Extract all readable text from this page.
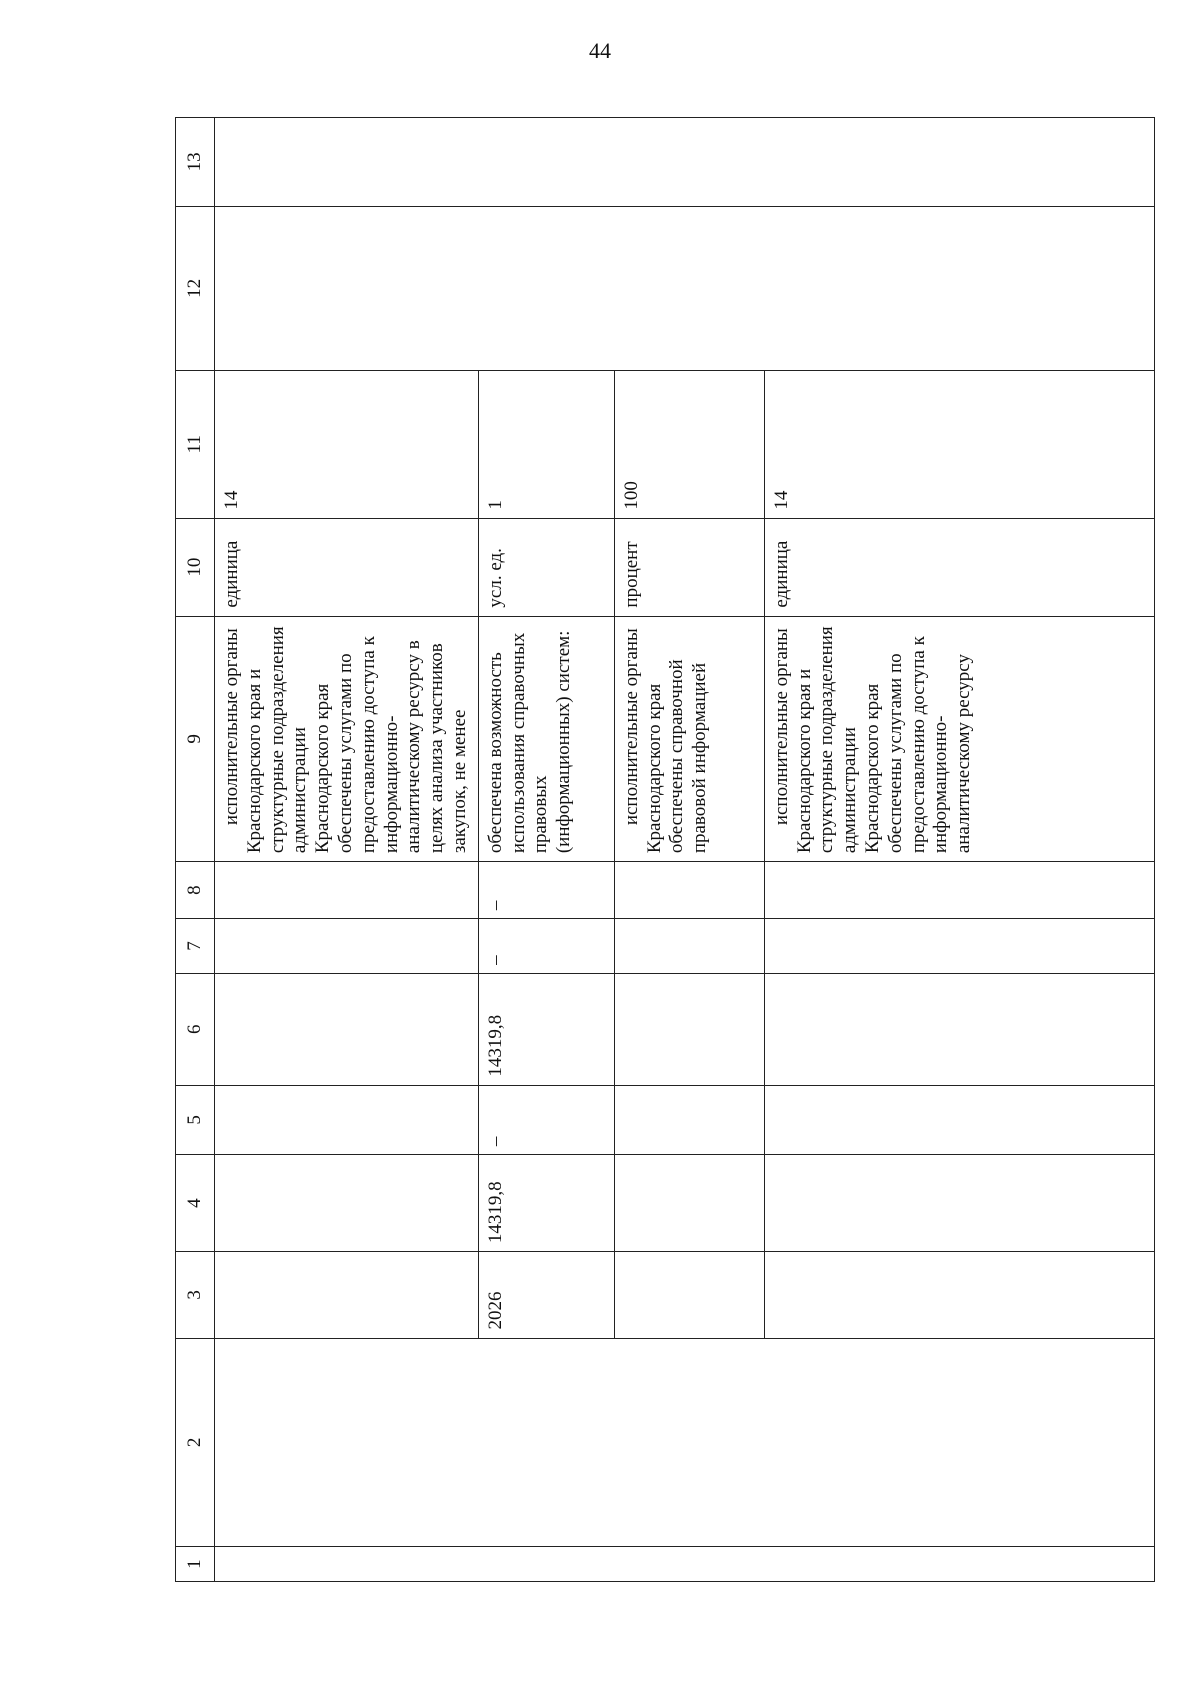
44
1	2	3	4	5	6	7	8	9	10	11	12	13
								исполнительные органы Краснодарского края и структурные подразделения администрации Краснодарского края обеспечены услугами по предоставлению доступа к информационно-аналитическому ресурсу в целях анализа участников закупок, не менее	единица	14		
		2026	14319,8	–	14319,8	–	–	обеспечена возможность использования справочных правовых (информационных) систем:	усл. ед.	1		
								исполнительные органы Краснодарского края обеспечены справочной правовой информацией	процент	100		
								исполнительные органы Краснодарского края и структурные подразделения администрации Краснодарского края обеспечены услугами по предоставлению доступа к информационно-аналитическому ресурсу	единица	14		
